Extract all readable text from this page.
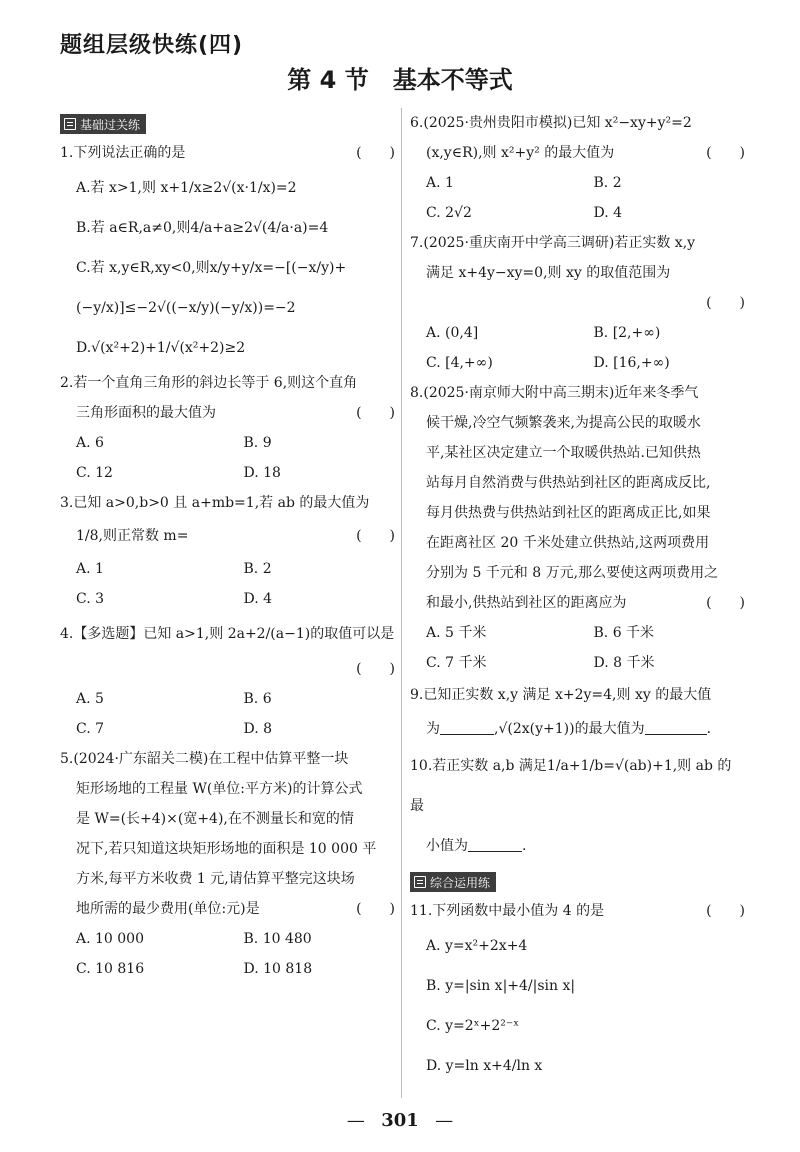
题组层级快练(四)
第 4 节　基本不等式
基础过关练
1.下列说法正确的是	(　　)
A.若 x>1,则 x+1/x≥2√(x·1/x)=2
B.若 a∈R,a≠0,则4/a+a≥2√(4/a·a)=4
C.若 x,y∈R,xy<0,则x/y+y/x=−[(−x/y)+
(−y/x)]≤−2√((−x/y)(−y/x))=−2
D.√(x²+2)+1/√(x²+2)≥2
2.若一个直角三角形的斜边长等于 6,则这个直角
三角形面积的最大值为	(　　)
A. 6	B. 9
C. 12	D. 18
3.已知 a>0,b>0 且 a+mb=1,若 ab 的最大值为
1/8,则正常数 m=	(　　)
A. 1	B. 2
C. 3	D. 4
4.【多选题】已知 a>1,则 2a+2/(a−1)的取值可以是
(　　)

A. 5	B. 6
C. 7	D. 8
5.(2024·广东韶关二模)在工程中估算平整一块
矩形场地的工程量 W(单位:平方米)的计算公式
是 W=(长+4)×(宽+4),在不测量长和宽的情
况下,若只知道这块矩形场地的面积是 10 000 平
方米,每平方米收费 1 元,请估算平整完这块场
地所需的最少费用(单位:元)是	(　　)
A. 10 000	B. 10 480
C. 10 816	D. 10 818
6.(2025·贵州贵阳市模拟)已知 x²−xy+y²=2
(x,y∈R),则 x²+y² 的最大值为	(　　)
A. 1	B. 2
C. 2√2	D. 4
7.(2025·重庆南开中学高三调研)若正实数 x,y
满足 x+4y−xy=0,则 xy 的取值范围为
(　　)

A. (0,4]	B. [2,+∞)
C. [4,+∞)	D. [16,+∞)
8.(2025·南京师大附中高三期末)近年来冬季气
候干燥,冷空气频繁袭来,为提高公民的取暖水
平,某社区决定建立一个取暖供热站.已知供热
站每月自然消费与供热站到社区的距离成反比,
每月供热费与供热站到社区的距离成正比,如果
在距离社区 20 千米处建立供热站,这两项费用
分别为 5 千元和 8 万元,那么要使这两项费用之
和最小,供热站到社区的距离应为	(　　)
A. 5 千米	B. 6 千米
C. 7 千米	D. 8 千米
9.已知正实数 x,y 满足 x+2y=4,则 xy 的最大值
为	,√(2x(y+1))的最大值为	.
10.若正实数 a,b 满足1/a+1/b=√(ab)+1,则 ab 的最
小值为	.
综合运用练
11.下列函数中最小值为 4 的是	(　　)
A. y=x²+2x+4
B. y=|sin x|+4/|sin x|
C. y=2ˣ+2²⁻ˣ
D. y=ln x+4/ln x
— 301 —
